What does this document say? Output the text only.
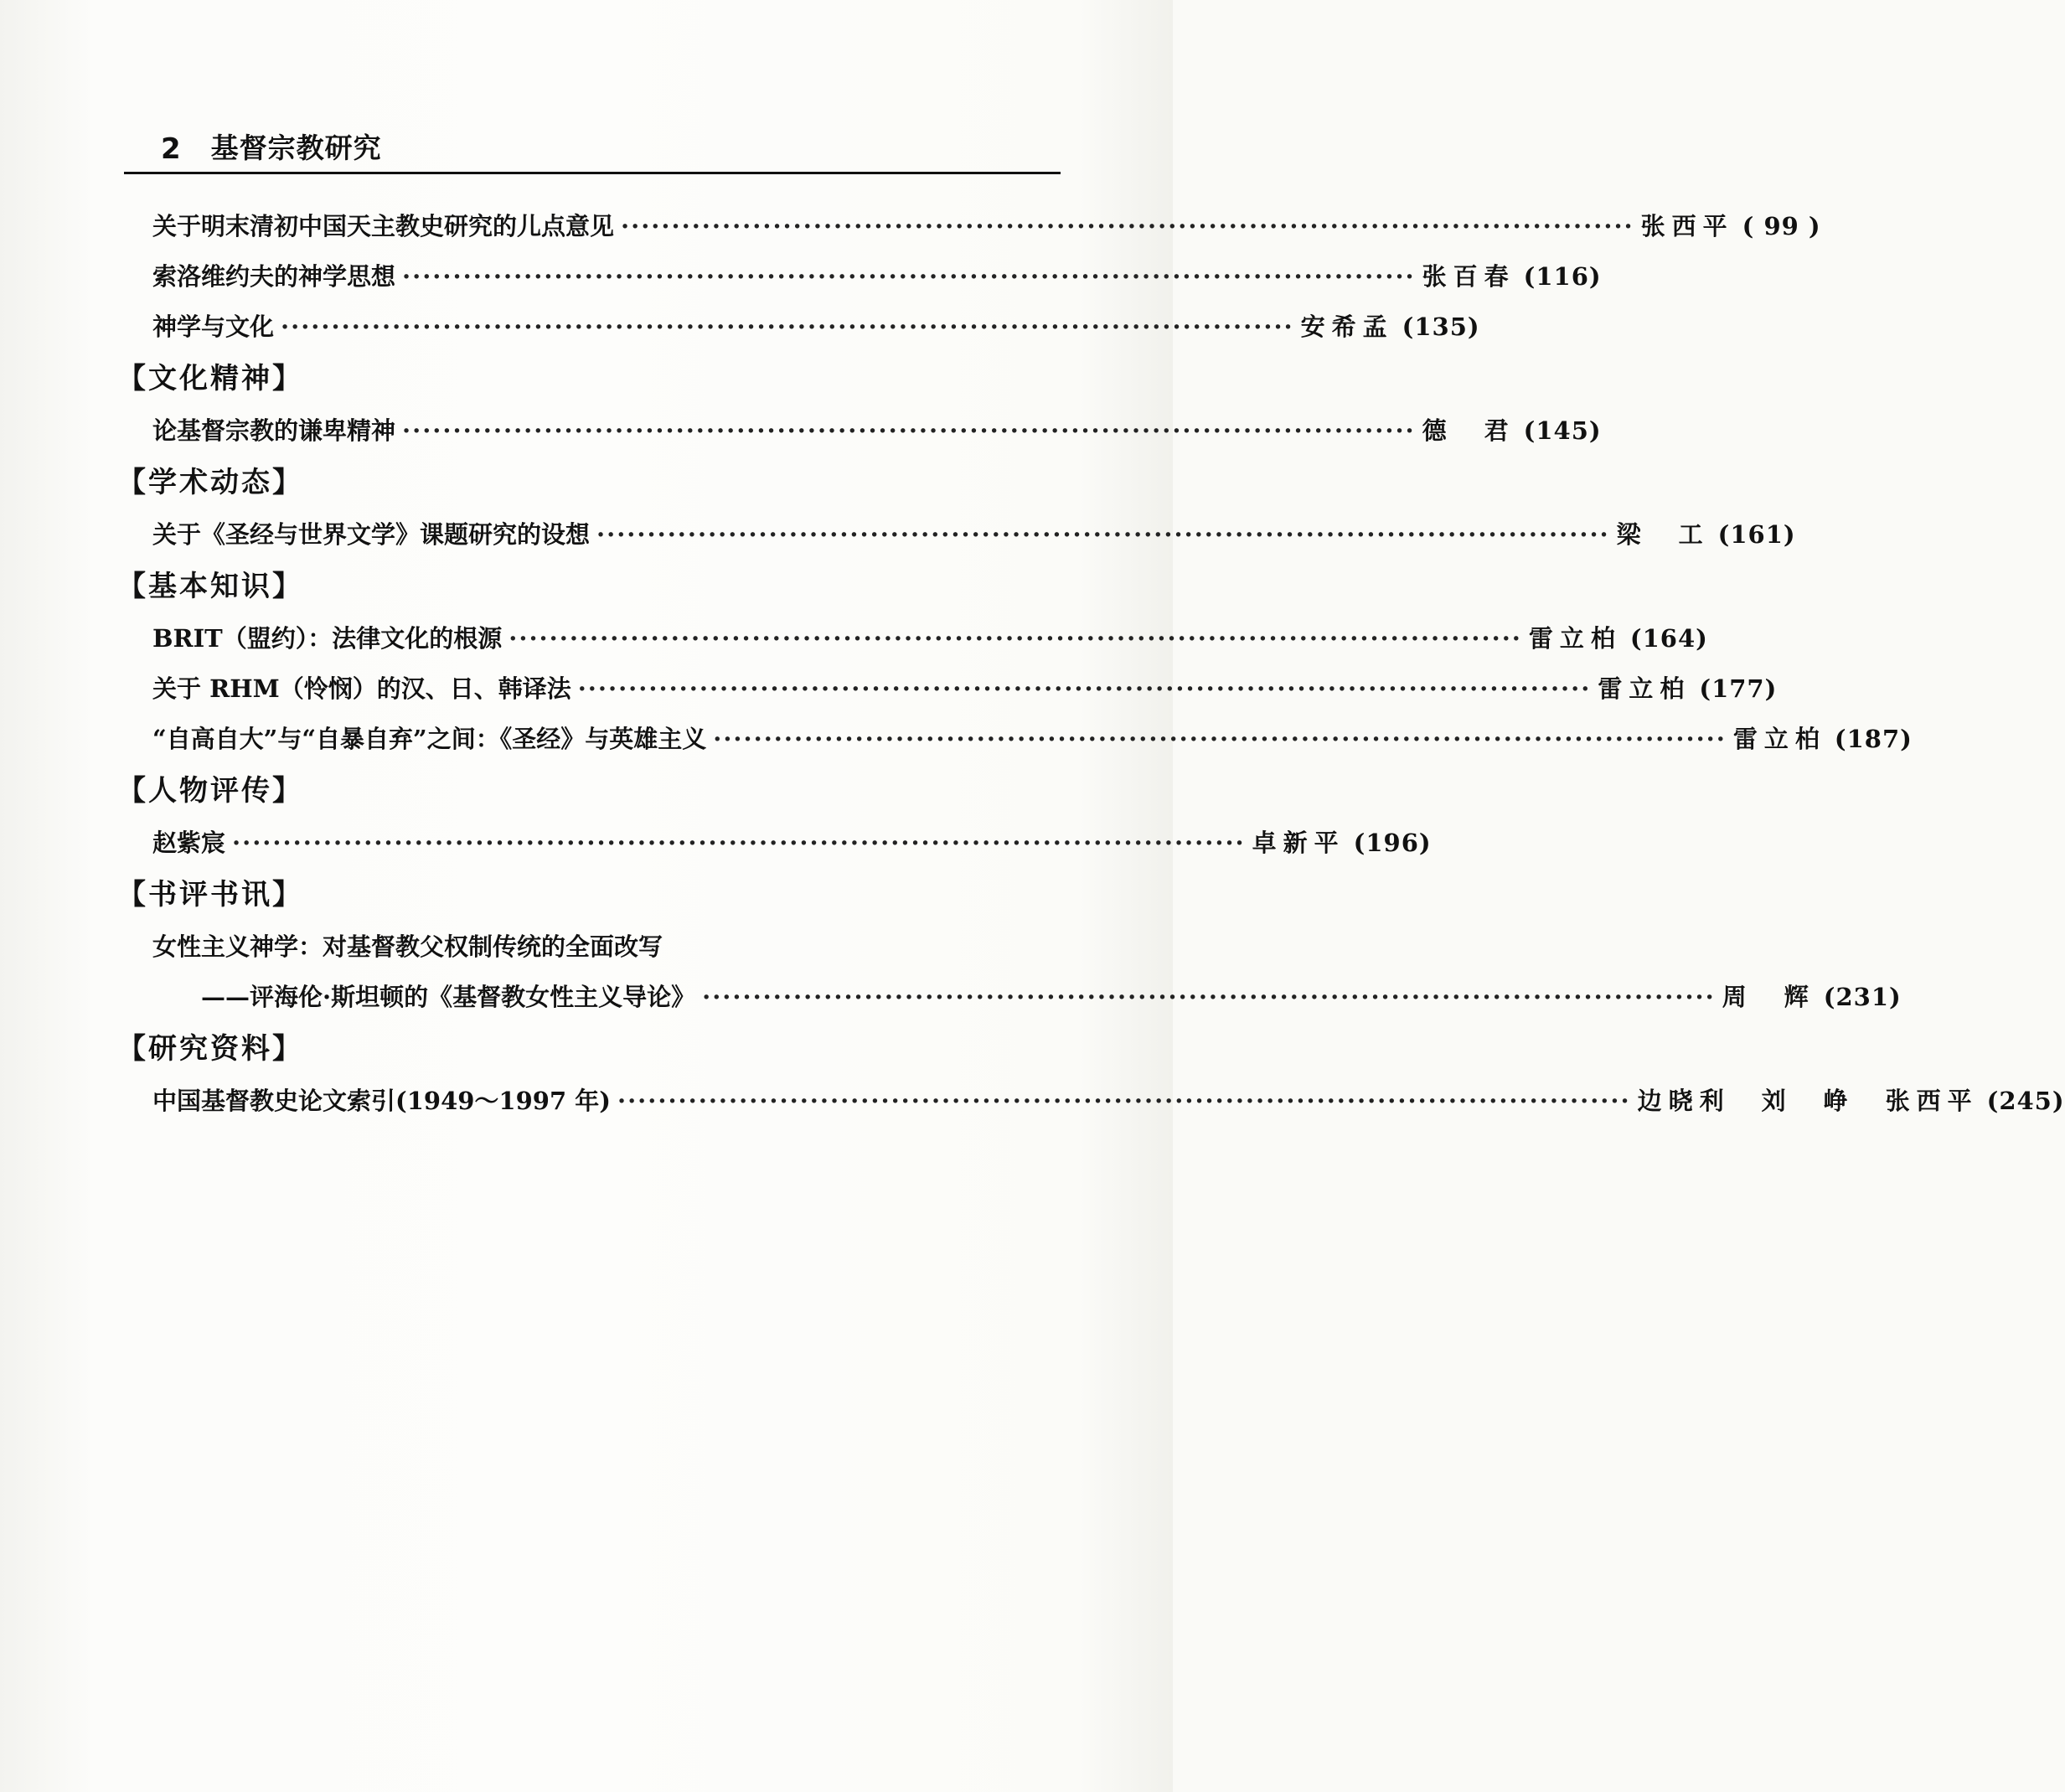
2 基督宗教研究
关于明末清初中国天主教史研究的儿点意见 ···································································································· 张西平 ( 99 )
索洛维约夫的神学思想 ···································································································· 张百春 (116)
神学与文化 ···································································································· 安希孟 (135)
【文化精神】
论基督宗教的谦卑精神 ···································································································· 德　君 (145)
【学术动态】
关于《圣经与世界文学》课题研究的设想 ···································································································· 梁　工 (161)
【基本知识】
BRIT（盟约）：法律文化的根源 ···································································································· 雷立柏 (164)
关于 RHM（怜悯）的汉、日、韩译法 ···································································································· 雷立柏 (177)
“自高自大”与“自暴自弃”之间：《圣经》与英雄主义 ···································································································· 雷立柏 (187)
【人物评传】
赵紫宸 ···································································································· 卓新平 (196)
【书评书讯】
女性主义神学：对基督教父权制传统的全面改写
——评海伦·斯坦顿的《基督教女性主义导论》 ···································································································· 周　辉 (231)
【研究资料】
中国基督教史论文索引(1949～1997 年) ···································································································· 边晓利　刘　峥　张西平 (245)
